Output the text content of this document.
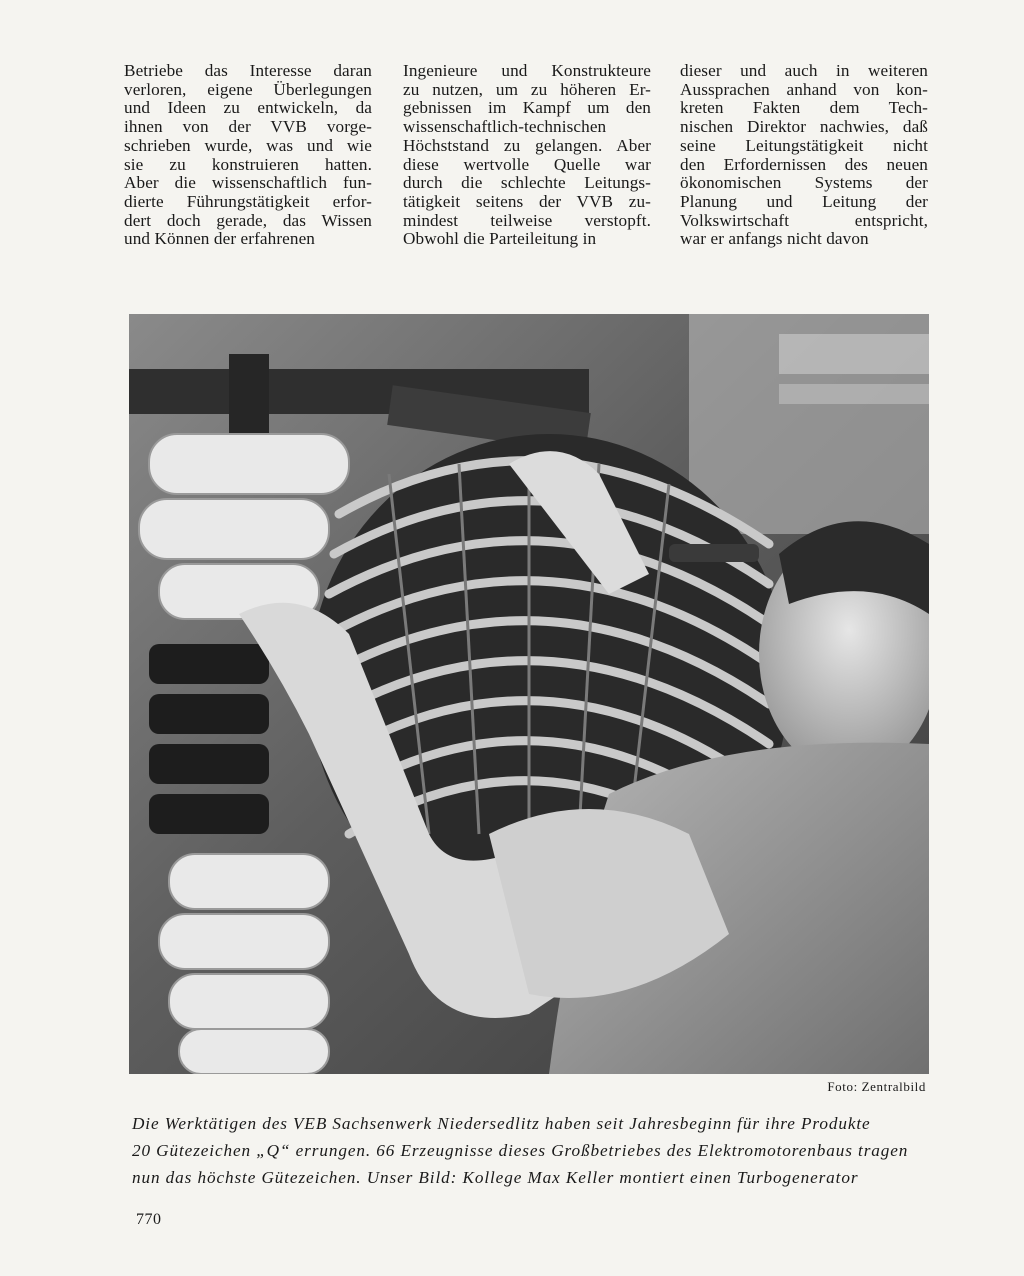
Betriebe das Interesse daran
verloren, eigene Überlegungen
und Ideen zu entwickeln, da
ihnen von der VVB vorge-
schrieben wurde, was und wie
sie zu konstruieren hatten.
Aber die wissenschaftlich fun-
dierte Führungstätigkeit erfor-
dert doch gerade, das Wissen
und Können der erfahrenen
Ingenieure und Konstrukteure
zu nutzen, um zu höheren Er-
gebnissen im Kampf um den
wissenschaftlich-technischen
Höchststand zu gelangen. Aber
diese wertvolle Quelle war
durch die schlechte Leitungs-
tätigkeit seitens der VVB zu-
mindest teilweise verstopft.
Obwohl die Parteileitung in
dieser und auch in weiteren
Aussprachen anhand von kon-
kreten Fakten dem Tech-
nischen Direktor nachwies, daß
seine Leitungstätigkeit nicht
den Erfordernissen des neuen
ökonomischen Systems der
Planung und Leitung der
Volkswirtschaft entspricht,
war er anfangs nicht davon
Foto: Zentralbild
Die Werktätigen des VEB Sachsenwerk Niedersedlitz haben seit Jahresbeginn für ihre Produkte
20 Gütezeichen „Q“ errungen. 66 Erzeugnisse dieses Großbetriebes des Elektromotorenbaus tragen
nun das höchste Gütezeichen. Unser Bild: Kollege Max Keller montiert einen Turbogenerator
770
